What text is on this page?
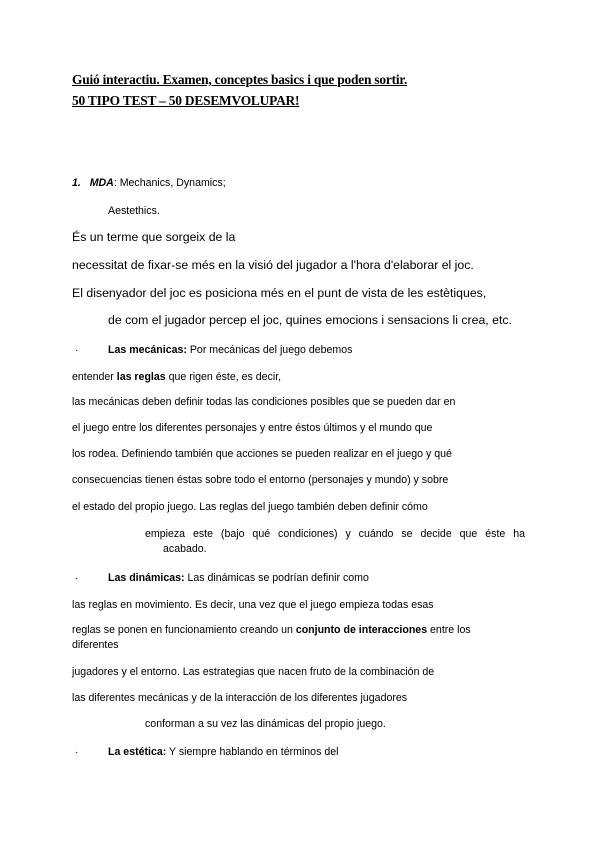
Guió interactiu. Examen, conceptes basics i que poden sortir.
50 TIPO TEST – 50 DESEMVOLUPAR!
1. MDA: Mechanics, Dynamics;
Aestethics.
És un terme que sorgeix de la
necessitat de fixar-se més en la visió del jugador a l'hora d'elaborar el joc.
El disenyador del joc es posiciona més en el punt de vista de les estètiques,
de com el jugador percep el joc, quines emocions i sensacions li crea, etc.
·	Las mecánicas: Por mecánicas del juego debemos
entender las reglas que rigen éste, es decir,
las mecánicas deben definir todas las condiciones posibles que se pueden dar en
el juego entre los diferentes personajes y entre éstos últimos y el mundo que
los rodea. Definiendo también que acciones se pueden realizar en el juego y qué
consecuencias tienen éstas sobre todo el entorno (personajes y mundo) y sobre
el estado del propio juego. Las reglas del juego también deben definir cómo
empieza este (bajo qué condiciones) y cuándo se decide que éste ha
acabado.
·	Las dinámicas: Las dinámicas se podrían definir como
las reglas en movimiento. Es decir, una vez que el juego empieza todas esas
reglas se ponen en funcionamiento creando un conjunto de interacciones entre los
diferentes
jugadores y el entorno. Las estrategias que nacen fruto de la combinación de
las diferentes mecánicas y de la interacción de los diferentes jugadores
conforman a su vez las dinámicas del propio juego.
·	La estética: Y siempre hablando en términos del
